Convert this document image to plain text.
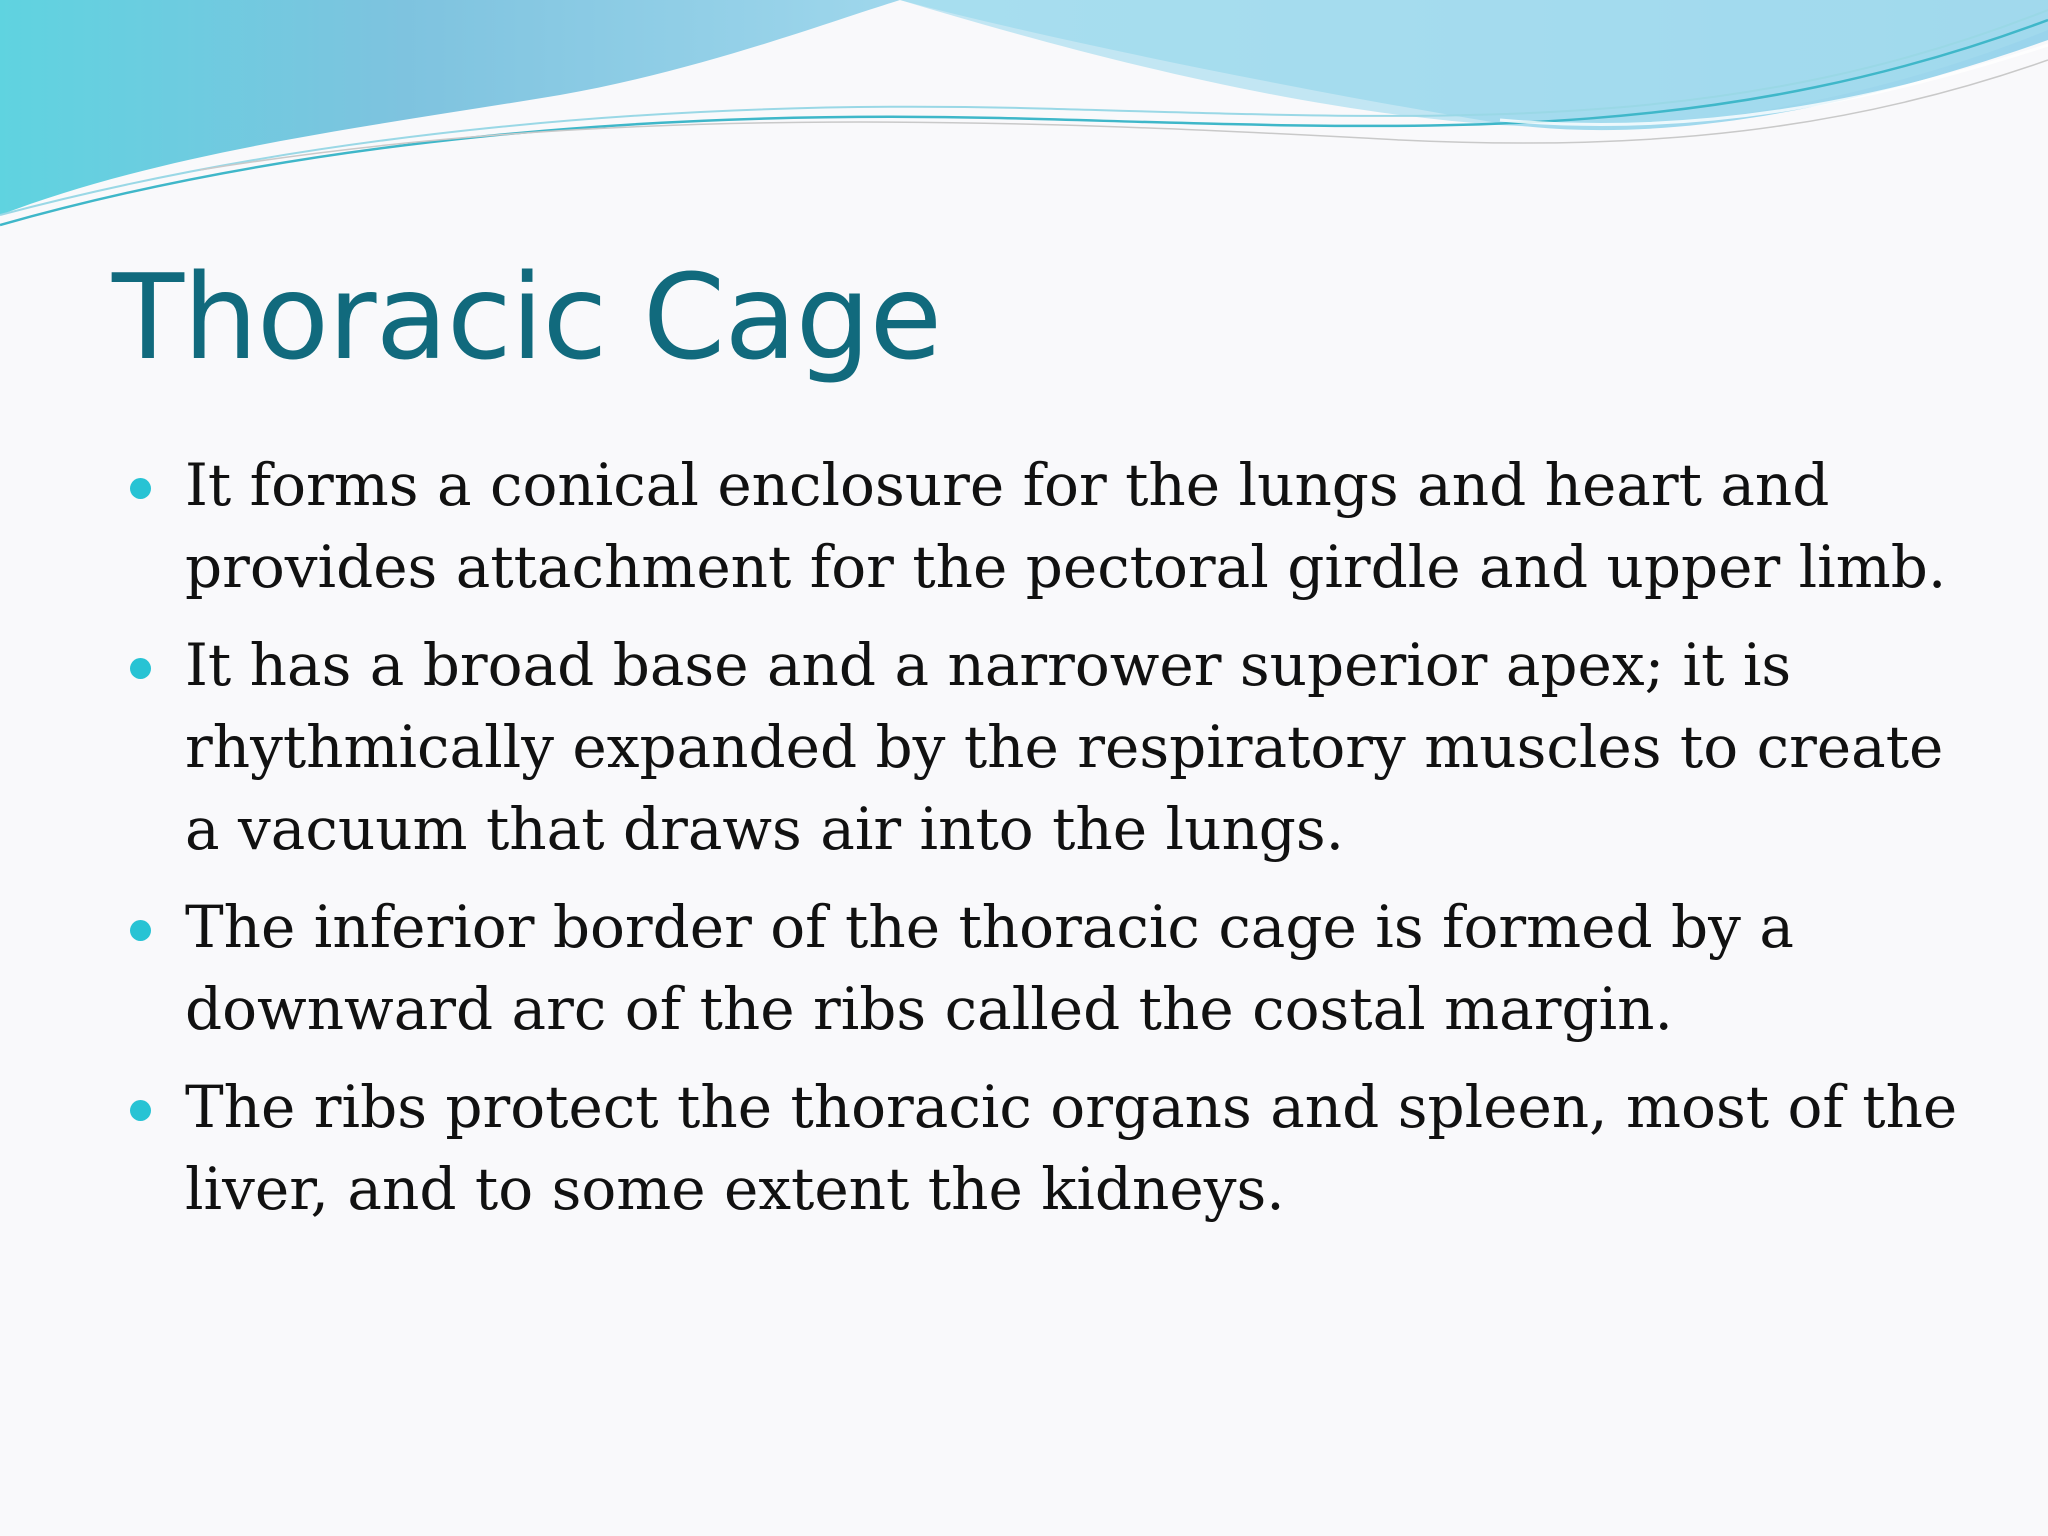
Thoracic Cage
It forms a conical enclosure for the lungs and heart and provides attachment for the pectoral girdle and upper limb.
It has a broad base and a narrower superior apex; it is rhythmically expanded by the respiratory muscles to create a vacuum that draws air into the lungs.
The inferior border of the thoracic cage is formed by a downward arc of the ribs called the costal margin.
The ribs protect the thoracic organs and spleen, most of the liver, and to some extent the kidneys.
